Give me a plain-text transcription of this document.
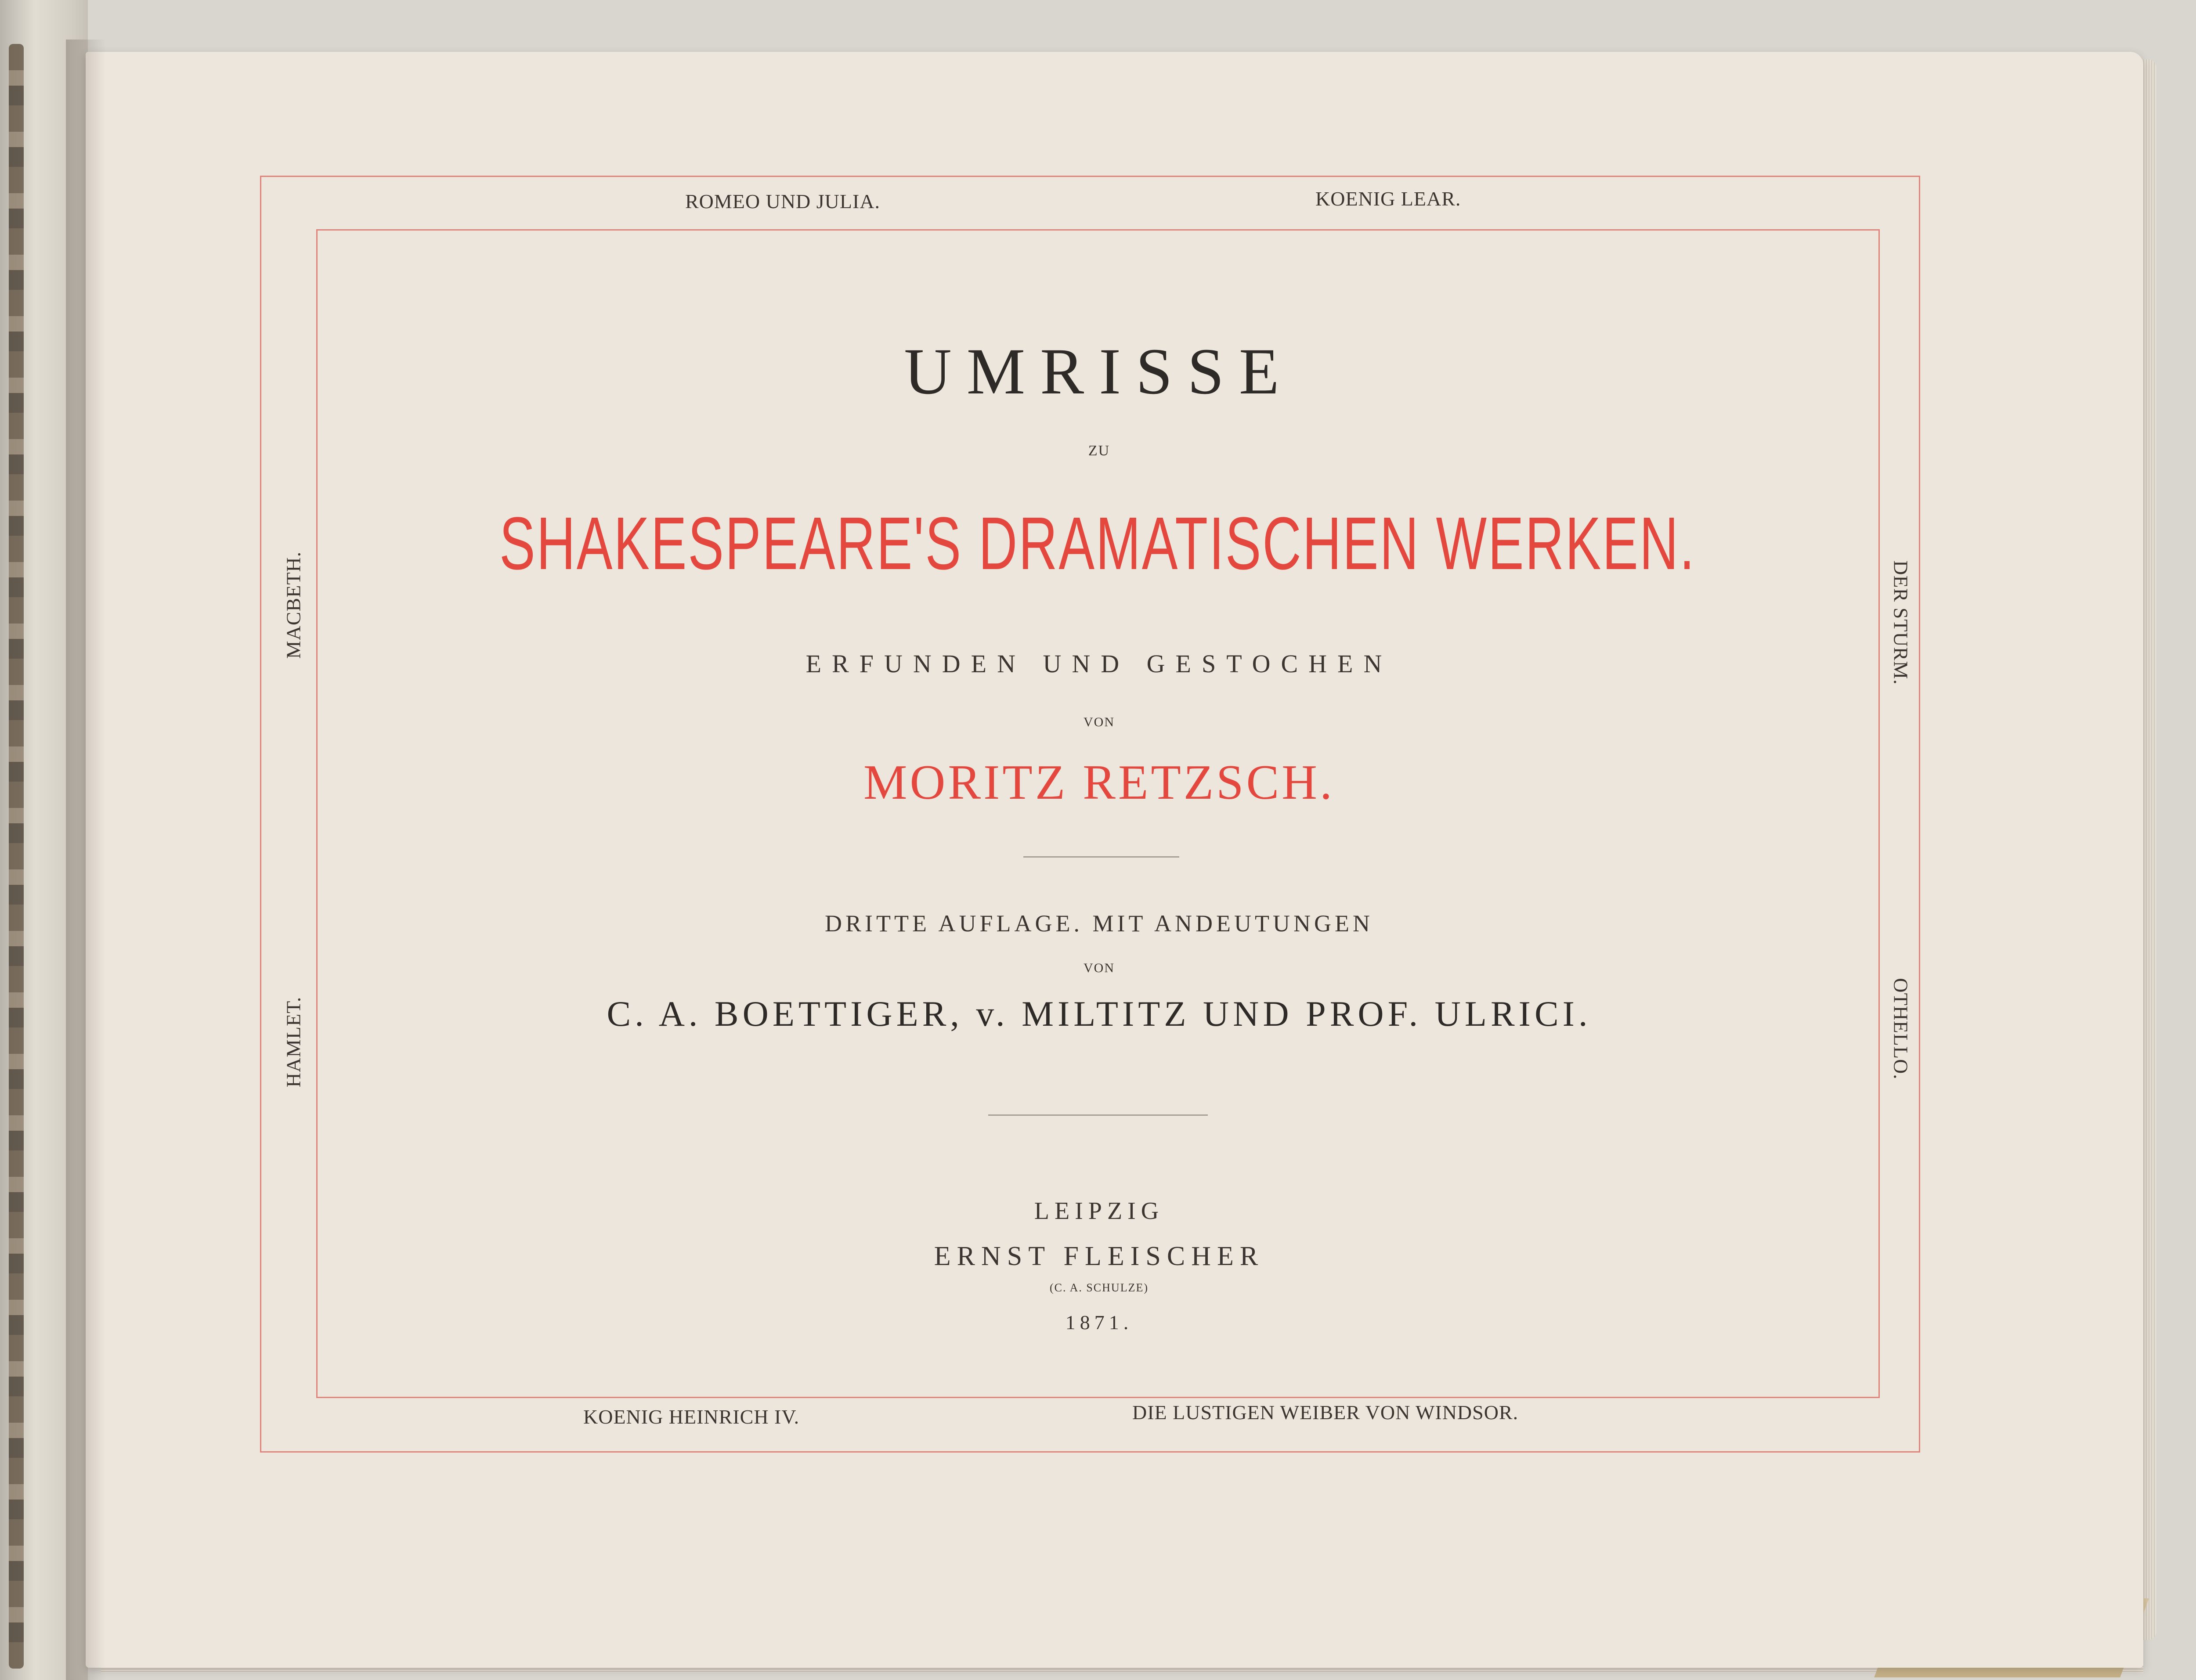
ROMEO UND JULIA.	KOENIG LEAR.
KOENIG HEINRICH IV.	DIE LUSTIGEN WEIBER VON WINDSOR.
MACBETH.
HAMLET.
DER STURM.
OTHELLO.
UMRISSE
ZU
SHAKESPEARE'S DRAMATISCHEN WERKEN.
ERFUNDEN UND GESTOCHEN
VON
MORITZ RETZSCH.
DRITTE AUFLAGE. MIT ANDEUTUNGEN
VON
C. A. BOETTIGER, v. MILTITZ UND PROF. ULRICI.
LEIPZIG
ERNST FLEISCHER
(C. A. SCHULZE)
1871.
